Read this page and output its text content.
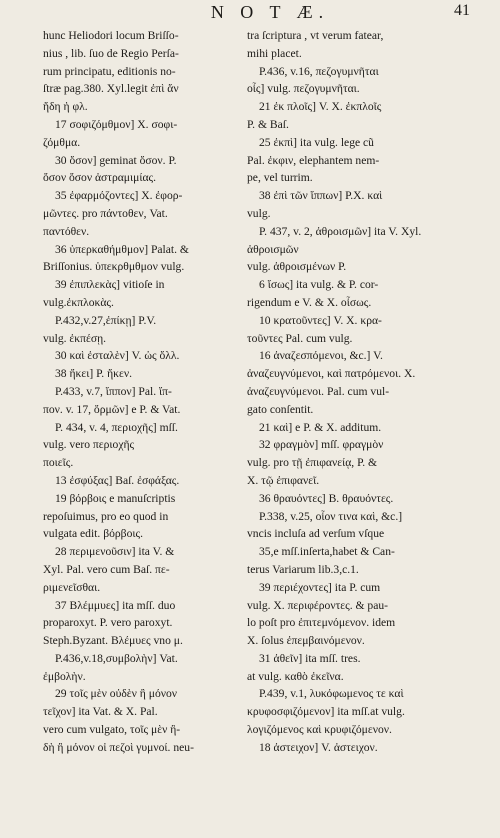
N O T Æ.	41
hunc Heliodori locum Briſſo-
nius , lib. ſuo de Regio Perſa-
rum principatu, editionis no-
ſtræ pag.380. Xyl.legit ἐπὶ ἄν
ἥδη ἡ φλ.
17 σοφιζόμθμον] X. σοφι-
ζόμθμα.
30 ὅσον] geminat ὅσον. P.
ὅσον ὅσον ἀστραμιμίας.
35 ἐφαρμόζοντες] X. ἐφορ-
μῶντες. pro πάντοθεν, Vat.
παντόθεν.
36 ὑπερκαθήμθμον] Palat. &
Briſſonius. ὑπεκρθμθμον vulg.
39 ἐπιπλεκὰς] vitioſe in
vulg.ἐκπλοκὰς.
P.432,v.27,ἐπίκῃ] P.V.
vulg. ἐκπέσῃ.
30 καὶ ἐσταλὲν] V. ὡς ὅλλ.
38 ἤκει] P. ἤκεν.
P.433, v.7, ἵππον] Pal. ἵπ-
πον. v. 17, ὅρμῶν] e P. & Vat.
P. 434, v. 4, περιοχῆς] mſſ.
vulg. vero περιοχῆς
ποιεῖς.
13 ἐσφύξας] Baſ. ἐσφάξας.
19 βόρβοις e manuſcriptis
repoſuimus, pro eo quod in
vulgata edit. βόρβοις.
28 περιμενοῦσιν] ita V. &
Xyl. Pal. vero cum Baſ. πε-
ριμενεῖσθαι.
37 Βλέμμυες] ita mſſ. duo
proparoxyt. P. vero paroxyt.
Steph.Byzant. Βλέμυες vno μ.
P.436,v.18,συμβολὴν] Vat.
ἐμβολὴν.
29 τοῖς μὲν οὐδὲν ἢ μόνον
τεῖχον] ita Vat. & X. Pal.
vero cum vulgato, τοῖς μὲν ἢ-
δὴ ἢ μόνον οἱ πεζοὶ γυμνοί. neu-
tra ſcriptura , vt verum fatear,
mihi placet.
P.436, v.16, πεζογυμνῆται
οἷς] vulg. πεζογυμνῆται.
21 ἐκ πλοῖς] V. X. ἐκπλοῖς
P. & Baſ.
25 ἐκπὶ] ita vulg. lege cũ
Pal. ἐκφιν, elephantem nem-
pe, vel turrim.
38 ἐπὶ τῶν ἵππων] P.X. καὶ
vulg.
P. 437, v. 2, ἀθροισμῶν] ita V. Xyl.
ἀθροισμῶν
vulg. ἀθροισμένων P.
6 ἵσως] ita vulg. & P. cor-
rigendum e V. & X. οἷσως.
10 κρατοῦντες] V. X. κρα-
τοῦντες Pal. cum vulg.
16 ἀναζεσπόμενοι, &c.] V.
ἀναζευγνύμενοι, καὶ πατρόμενοι. X.
ἀναζευγνύμενοι. Pal. cum vul-
gato conſentit.
21 καὶ] e P. & X. additum.
32 φραγμὸν] mſſ. φραγμὸν
vulg. pro τῇ ἐπιφανείᾳ, P. &
X. τῷ ἐπιφανεῖ.
36 θραυόντες] B. θραυόντες.
P.338, v.25, οἷον τινα καὶ, &c.]
vncis incluſa ad verſum vſque
35,e mſſ.inſerta,habet & Can-
terus Variarum lib.3,c.1.
39 περιέχοντες] ita P. cum
vulg. X. περιφέροντες. & pau-
lo poſt pro ἐπιτεμνόμενον. idem
X. ſolus ἐπεμβαινόμενον.
31 ἀθεῖν] ita mſſ. tres.
at vulg. καθὸ ἐκεῖνα.
P.439, v.1, λυκόφωμενος τε καὶ
κρυφοσφιζόμενον] ita mſſ.at vulg.
λογιζόμενος καὶ κρυφιζόμενον.
18 ἀστειχον] V. ἀστειχον.
